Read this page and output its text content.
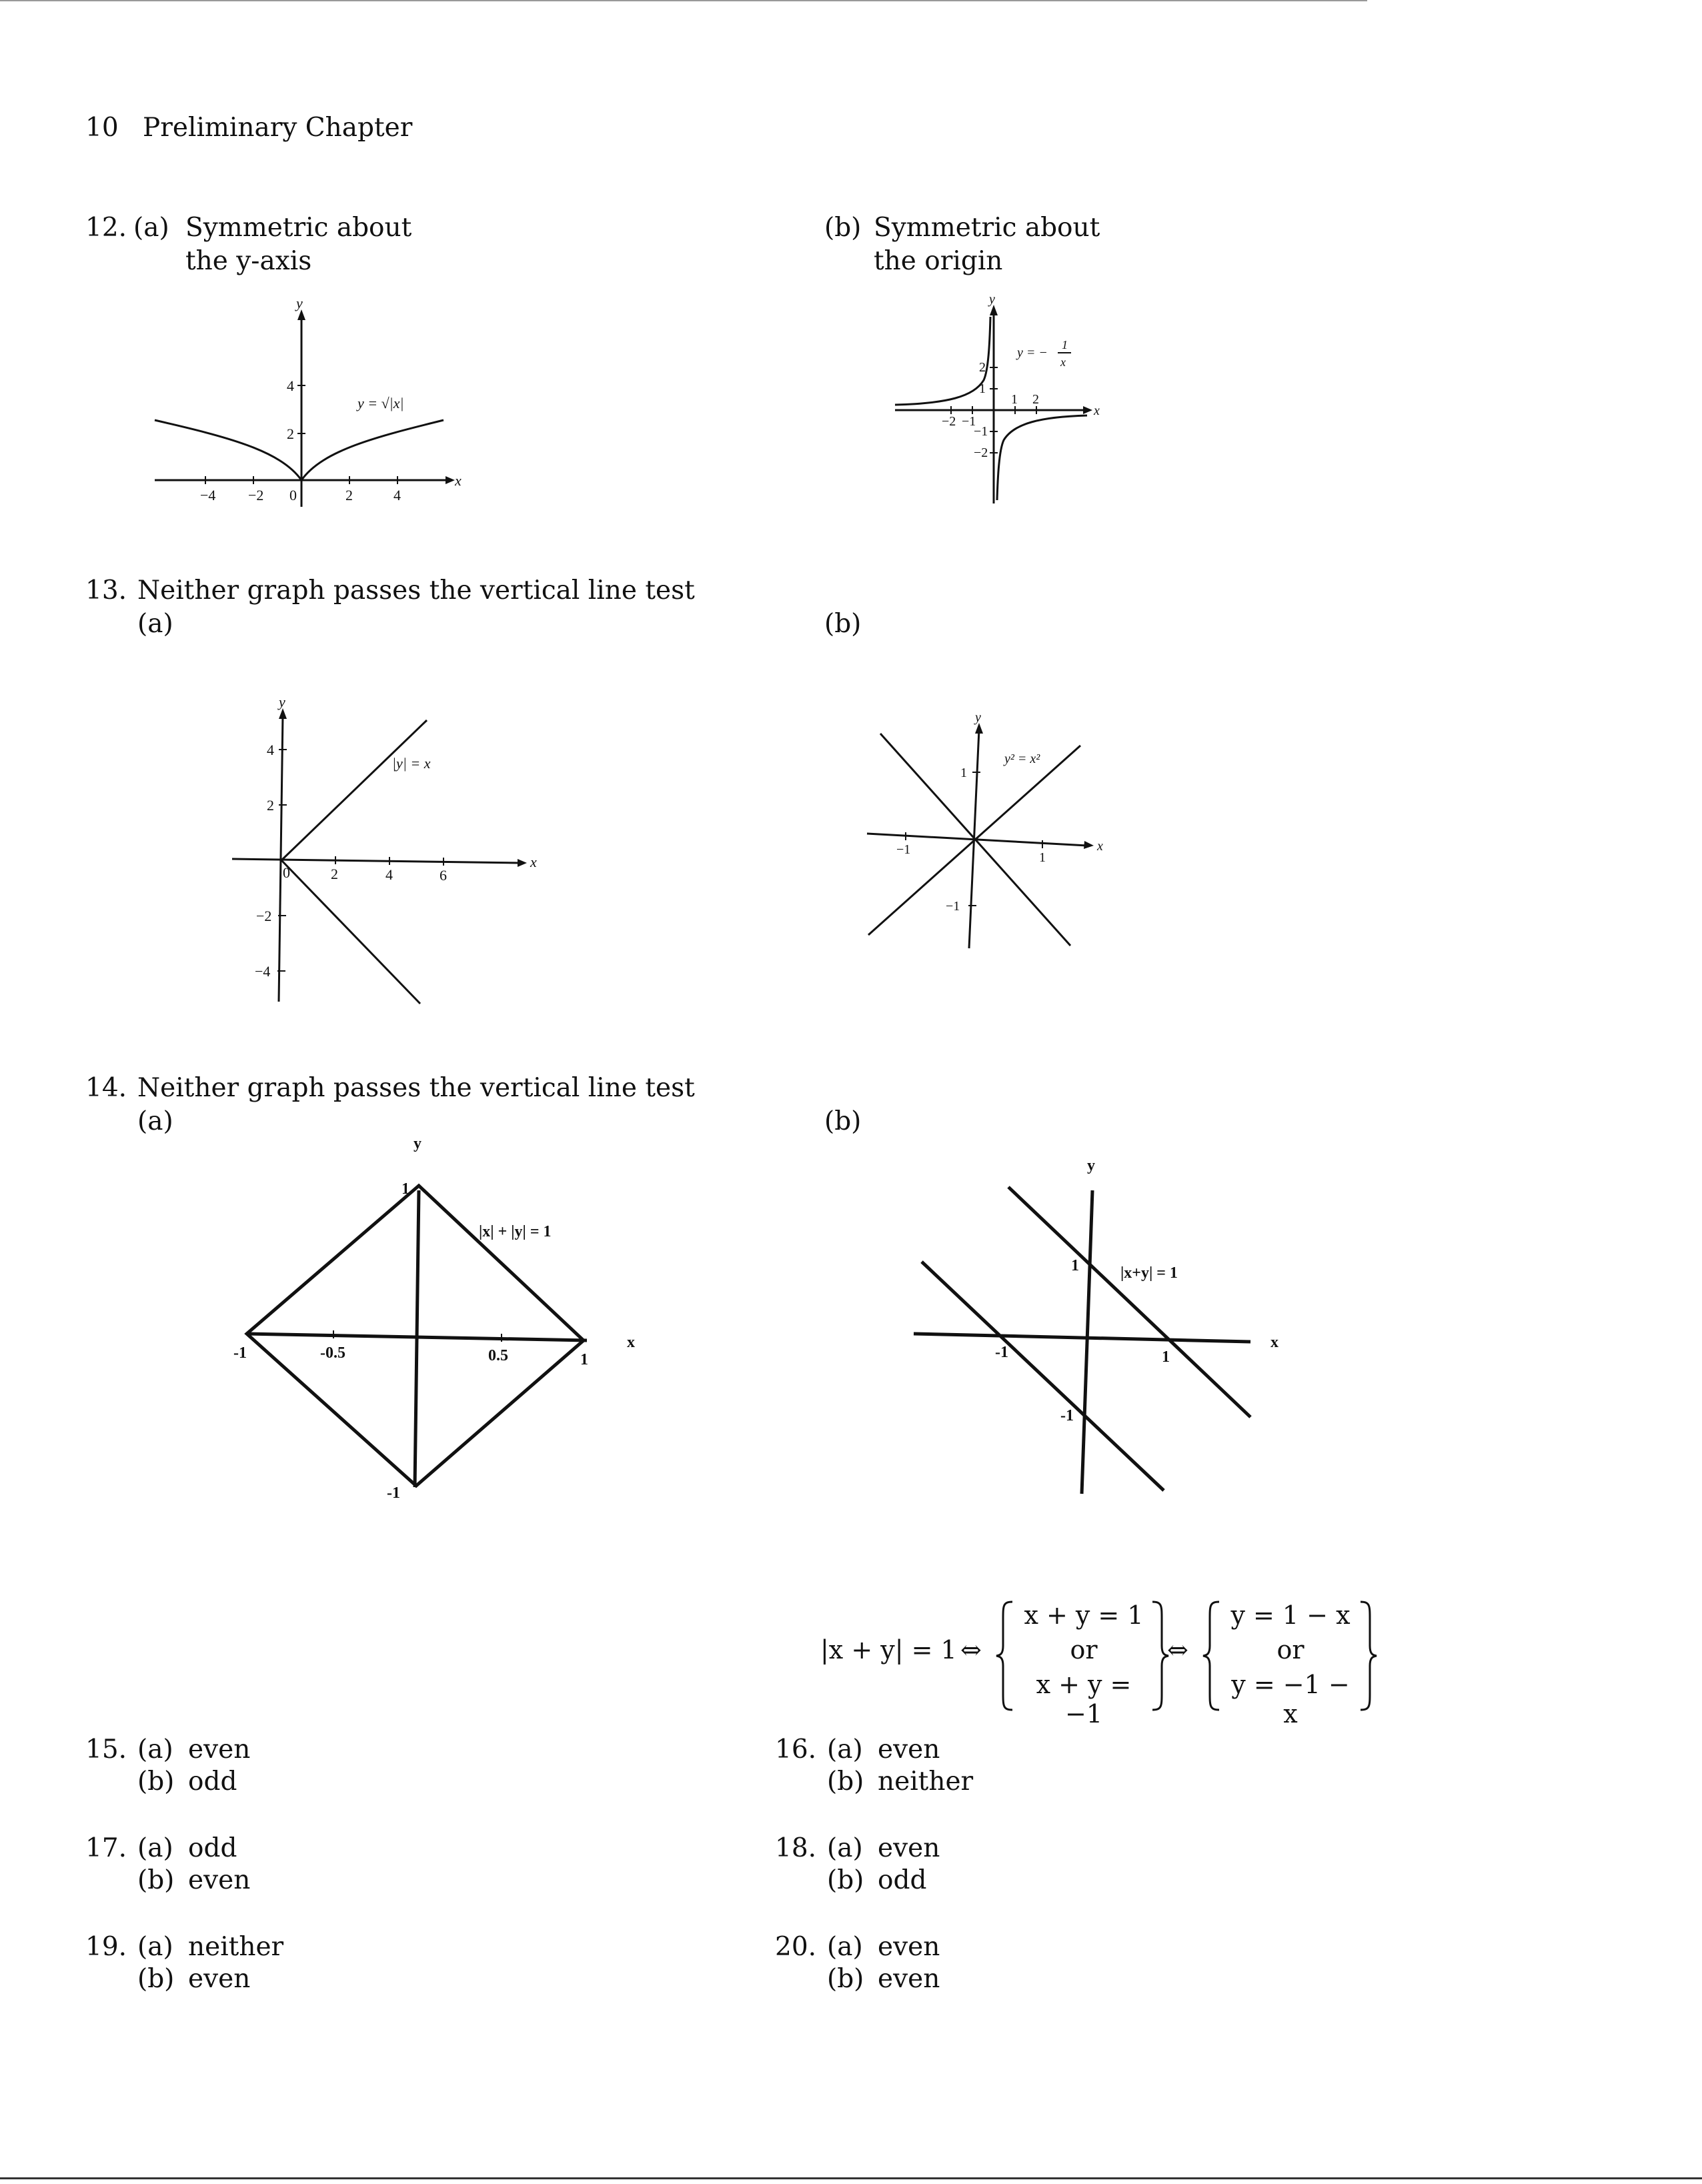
10 Preliminary Chapter
12. (a) Symmetric about
the y-axis
(b) Symmetric about
the origin
−4 −2 0	2	4
4
2
x
y
y = √|x|
−2 −1
1 2
2
1
−1
−2
x
y
y = −
1
x
13. Neither graph passes the vertical line test
(a)	(b)
0	2	4	6
4
2
−2
−4
x
y
|y| = x
−1
1
1
−1
x
y
y² = x²
14. Neither graph passes the vertical line test
(a)	(b)
-1	-0.5	0.5	1
1
-1
x
y
|x| + |y| = 1
-1	1
1
-1
x
y
|x+y| = 1
|x + y| = 1 ⇔
x + y = 1
or
x + y = −1
⇔
y = 1 − x
or
y = −1 − x
15. (a) even
(b) odd
16. (a) even
(b) neither
17. (a) odd
(b) even
18. (a) even
(b) odd
19. (a) neither
(b) even
20. (a) even
(b) even
